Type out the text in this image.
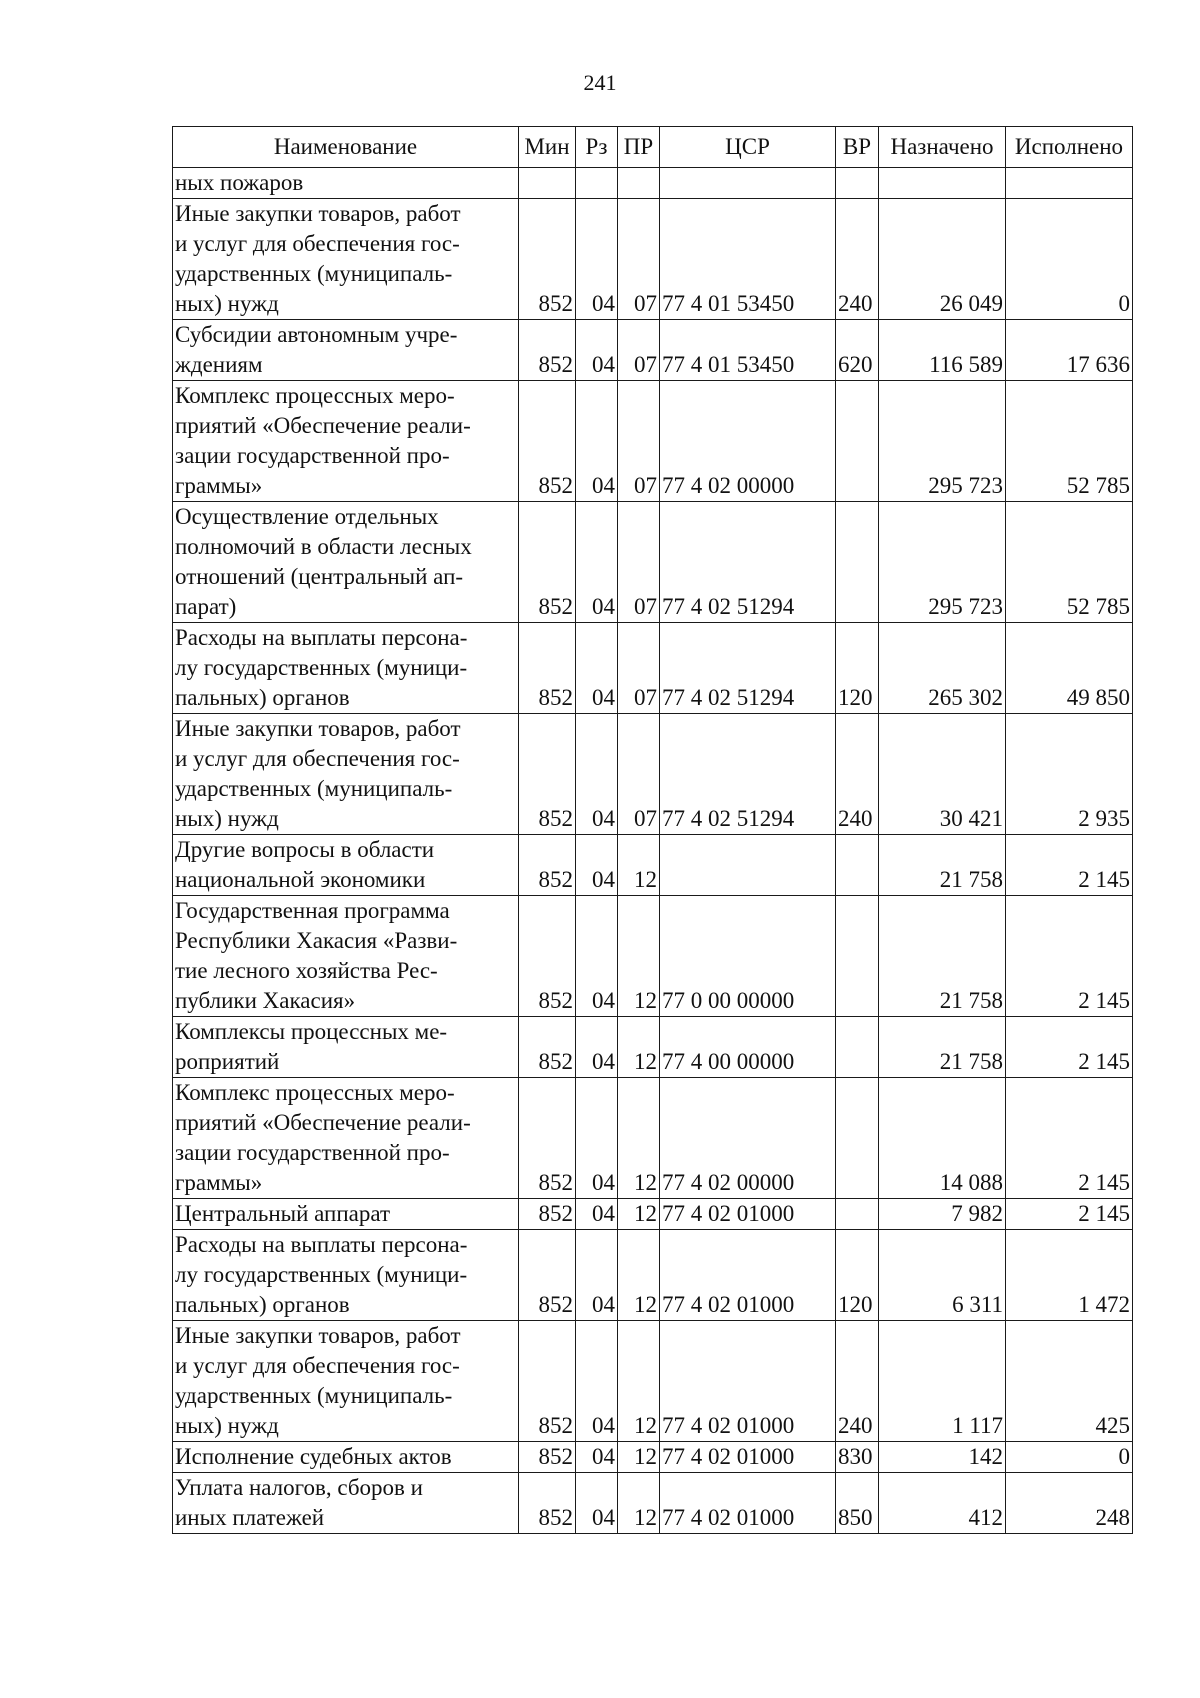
241
Наименование	Мин	Рз	ПР	ЦСР	ВР	Назначено	Исполнено
ных пожаров							
Иные закупки товаров, работ
и услуг для обеспечения гос-
ударственных (муниципаль-
ных) нужд	852	04	07	77 4 01 53450	240	26 049	0
Субсидии автономным учре-
ждениям	852	04	07	77 4 01 53450	620	116 589	17 636
Комплекс процессных меро-
приятий «Обеспечение реали-
зации государственной про-
граммы»	852	04	07	77 4 02 00000		295 723	52 785
Осуществление отдельных
полномочий в области лесных
отношений (центральный ап-
парат)	852	04	07	77 4 02 51294		295 723	52 785
Расходы на выплаты персона-
лу государственных (муници-
пальных) органов	852	04	07	77 4 02 51294	120	265 302	49 850
Иные закупки товаров, работ
и услуг для обеспечения гос-
ударственных (муниципаль-
ных) нужд	852	04	07	77 4 02 51294	240	30 421	2 935
Другие вопросы в области
национальной экономики	852	04	12			21 758	2 145
Государственная программа
Республики Хакасия «Разви-
тие лесного хозяйства Рес-
публики Хакасия»	852	04	12	77 0 00 00000		21 758	2 145
Комплексы процессных ме-
роприятий	852	04	12	77 4 00 00000		21 758	2 145
Комплекс процессных меро-
приятий «Обеспечение реали-
зации государственной про-
граммы»	852	04	12	77 4 02 00000		14 088	2 145
Центральный аппарат	852	04	12	77 4 02 01000		7 982	2 145
Расходы на выплаты персона-
лу государственных (муници-
пальных) органов	852	04	12	77 4 02 01000	120	6 311	1 472
Иные закупки товаров, работ
и услуг для обеспечения гос-
ударственных (муниципаль-
ных) нужд	852	04	12	77 4 02 01000	240	1 117	425
Исполнение судебных актов	852	04	12	77 4 02 01000	830	142	0
Уплата налогов, сборов и
иных платежей	852	04	12	77 4 02 01000	850	412	248
